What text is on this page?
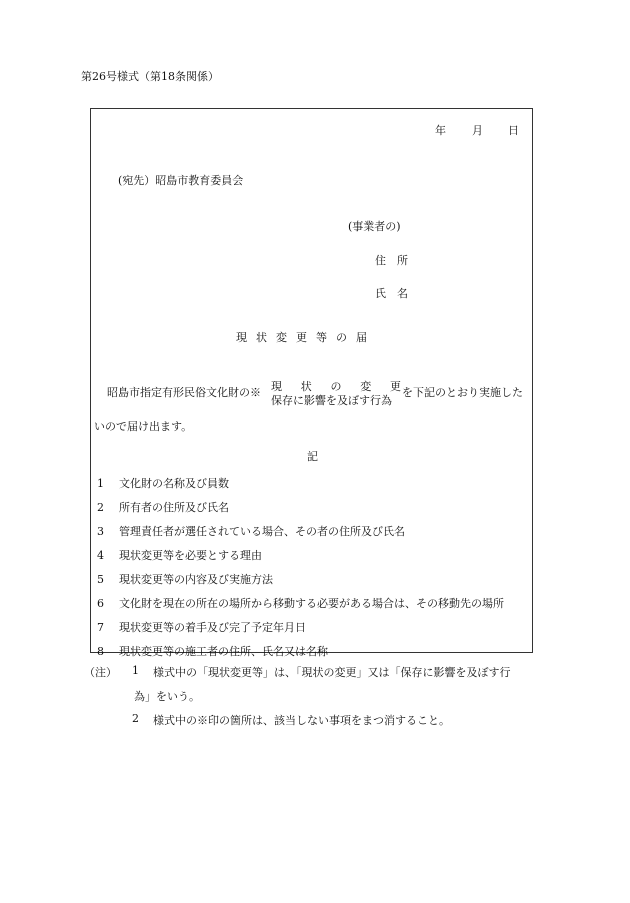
第26号様式（第18条関係）
年 月 日
(宛先）昭島市教育委員会
(事業者の)
住　所
氏　名
現状変更等の届
昭島市指定有形民俗文化財の※ 現 状 の 変 更
保存に影響を及ぼす行為
を下記のとおり実施した
いので届け出ます。
記
1 文化財の名称及び員数
2 所有者の住所及び氏名
3 管理責任者が選任されている場合、その者の住所及び氏名
4 現状変更等を必要とする理由
5 現状変更等の内容及び実施方法
6 文化財を現在の所在の場所から移動する必要がある場合は、その移動先の場所
7 現状変更等の着手及び完了予定年月日
8 現状変更等の施工者の住所、氏名又は名称
（注） 1 様式中の「現状変更等」は、「現状の変更」又は「保存に影響を及ぼす行
為」をいう。
2 様式中の※印の箇所は、該当しない事項をまつ消すること。
